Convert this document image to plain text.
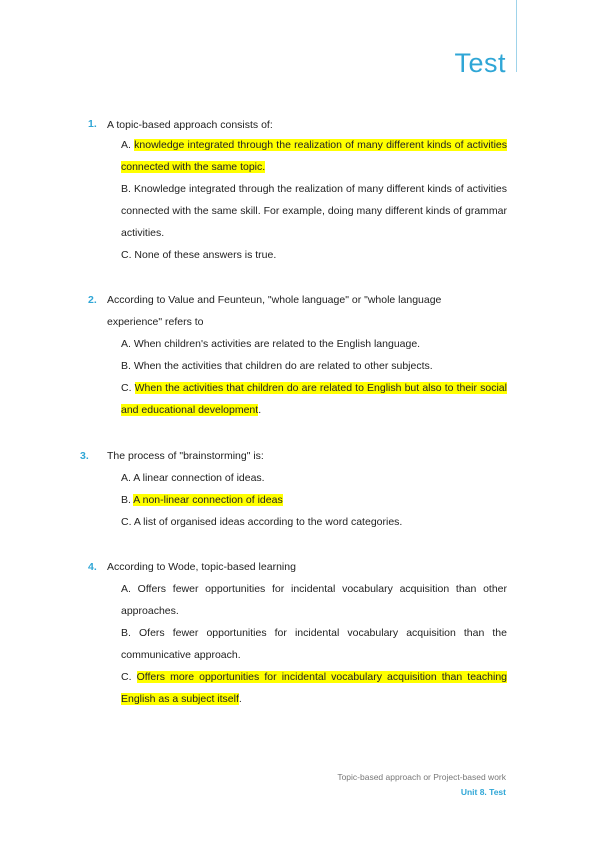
Test
1. A topic-based approach consists of:
A. knowledge integrated through the realization of many different kinds of activities connected with the same topic.
B. Knowledge integrated through the realization of many different kinds of activities connected with the same skill. For example, doing many different kinds of grammar activities.
C. None of these answers is true.
2. According to Value and Feunteun, "whole language" or "whole language experience" refers to
A. When children's activities are related to the English language.
B. When the activities that children do are related to other subjects.
C. When the activities that children do are related to English but also to their social and educational development.
3. The process of "brainstorming" is:
A. A linear connection of ideas.
B. A non-linear connection of ideas
C. A list of organised ideas according to the word categories.
4. According to Wode, topic-based learning
A. Offers fewer opportunities for incidental vocabulary acquisition than other approaches.
B. Ofers fewer opportunities for incidental vocabulary acquisition than the communicative approach.
C. Offers more opportunities for incidental vocabulary acquisition than teaching English as a subject itself.
Topic-based approach or Project-based work
Unit 8. Test
